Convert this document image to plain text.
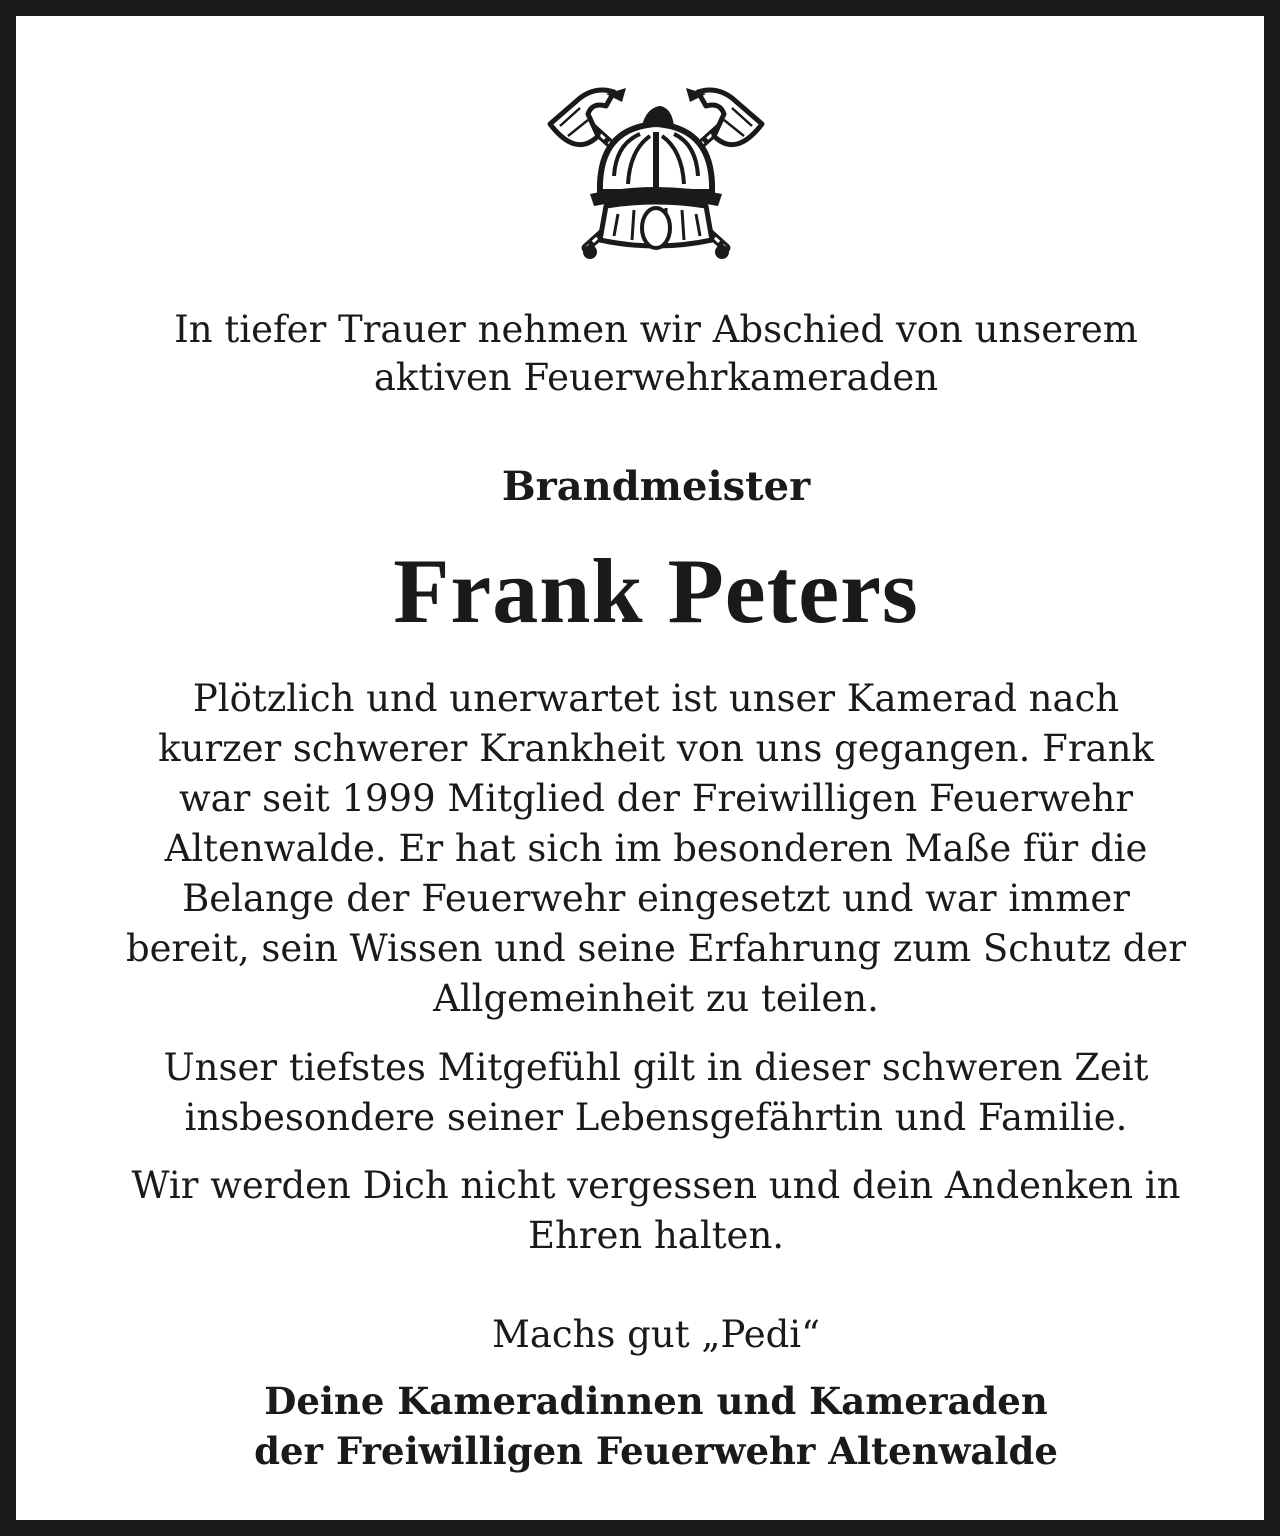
In tiefer Trauer nehmen wir Abschied von unserem
aktiven Feuerwehrkameraden

Brandmeister

Frank Peters

Plötzlich und unerwartet ist unser Kamerad nach
kurzer schwerer Krankheit von uns gegangen. Frank
war seit 1999 Mitglied der Freiwilligen Feuerwehr
Altenwalde. Er hat sich im besonderen Maße für die
Belange der Feuerwehr eingesetzt und war immer
bereit, sein Wissen und seine Erfahrung zum Schutz der
Allgemeinheit zu teilen.

Unser tiefstes Mitgefühl gilt in dieser schweren Zeit
insbesondere seiner Lebensgefährtin und Familie.

Wir werden Dich nicht vergessen und dein Andenken in
Ehren halten.

Machs gut „Pedi“

Deine Kameradinnen und Kameraden
der Freiwilligen Feuerwehr Altenwalde
